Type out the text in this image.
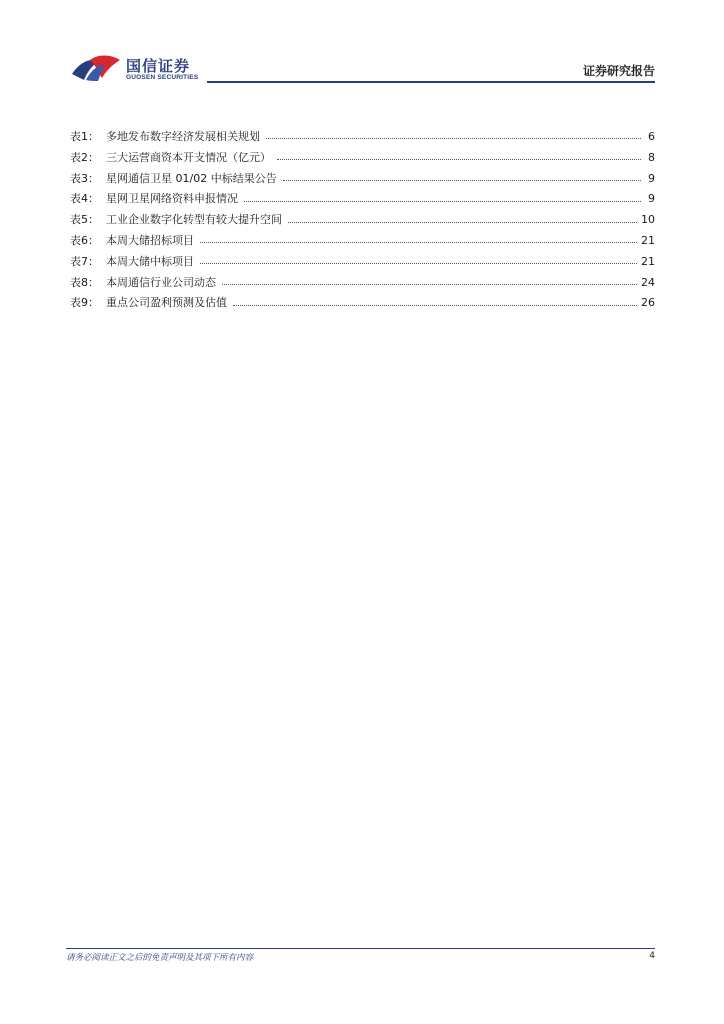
国信证券
GUOSEN SECURITIES	证券研究报告
表1： 多地发布数字经济发展相关规划	6
表2： 三大运营商资本开支情况（亿元）	8
表3： 星网通信卫星 01/02 中标结果公告	9
表4： 星网卫星网络资料申报情况	9
表5： 工业企业数字化转型有较大提升空间	10
表6： 本周大储招标项目	21
表7： 本周大储中标项目	21
表8： 本周通信行业公司动态	24
表9： 重点公司盈利预测及估值	26
请务必阅读正文之后的免责声明及其项下所有内容	4
